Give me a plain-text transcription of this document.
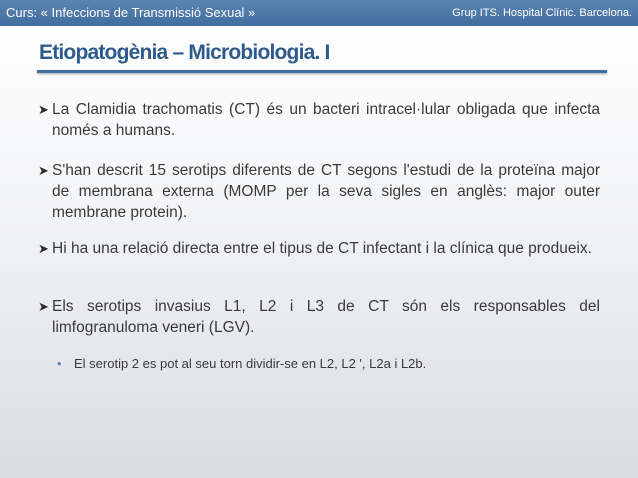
Curs: « Infeccions de Transmissió Sexual »	Grup ITS. Hospital Clínic. Barcelona.
Etiopatogènia – Microbiologia. I
➤ La Clamidia trachomatis (CT) és un bacteri intracel·lular obligada que infecta només a humans.
➤ S'han descrit 15 serotips diferents de CT segons l'estudi de la proteïna major de membrana externa (MOMP per la seva sigles en anglès: major outer membrane protein).
➤ Hi ha una relació directa entre el tipus de CT infectant i la clínica que produeix.
➤ Els serotips invasius L1, L2 i L3 de CT són els responsables del limfogranuloma veneri (LGV).
• El serotip 2 es pot al seu torn dividir-se en L2, L2 ', L2a i L2b.
